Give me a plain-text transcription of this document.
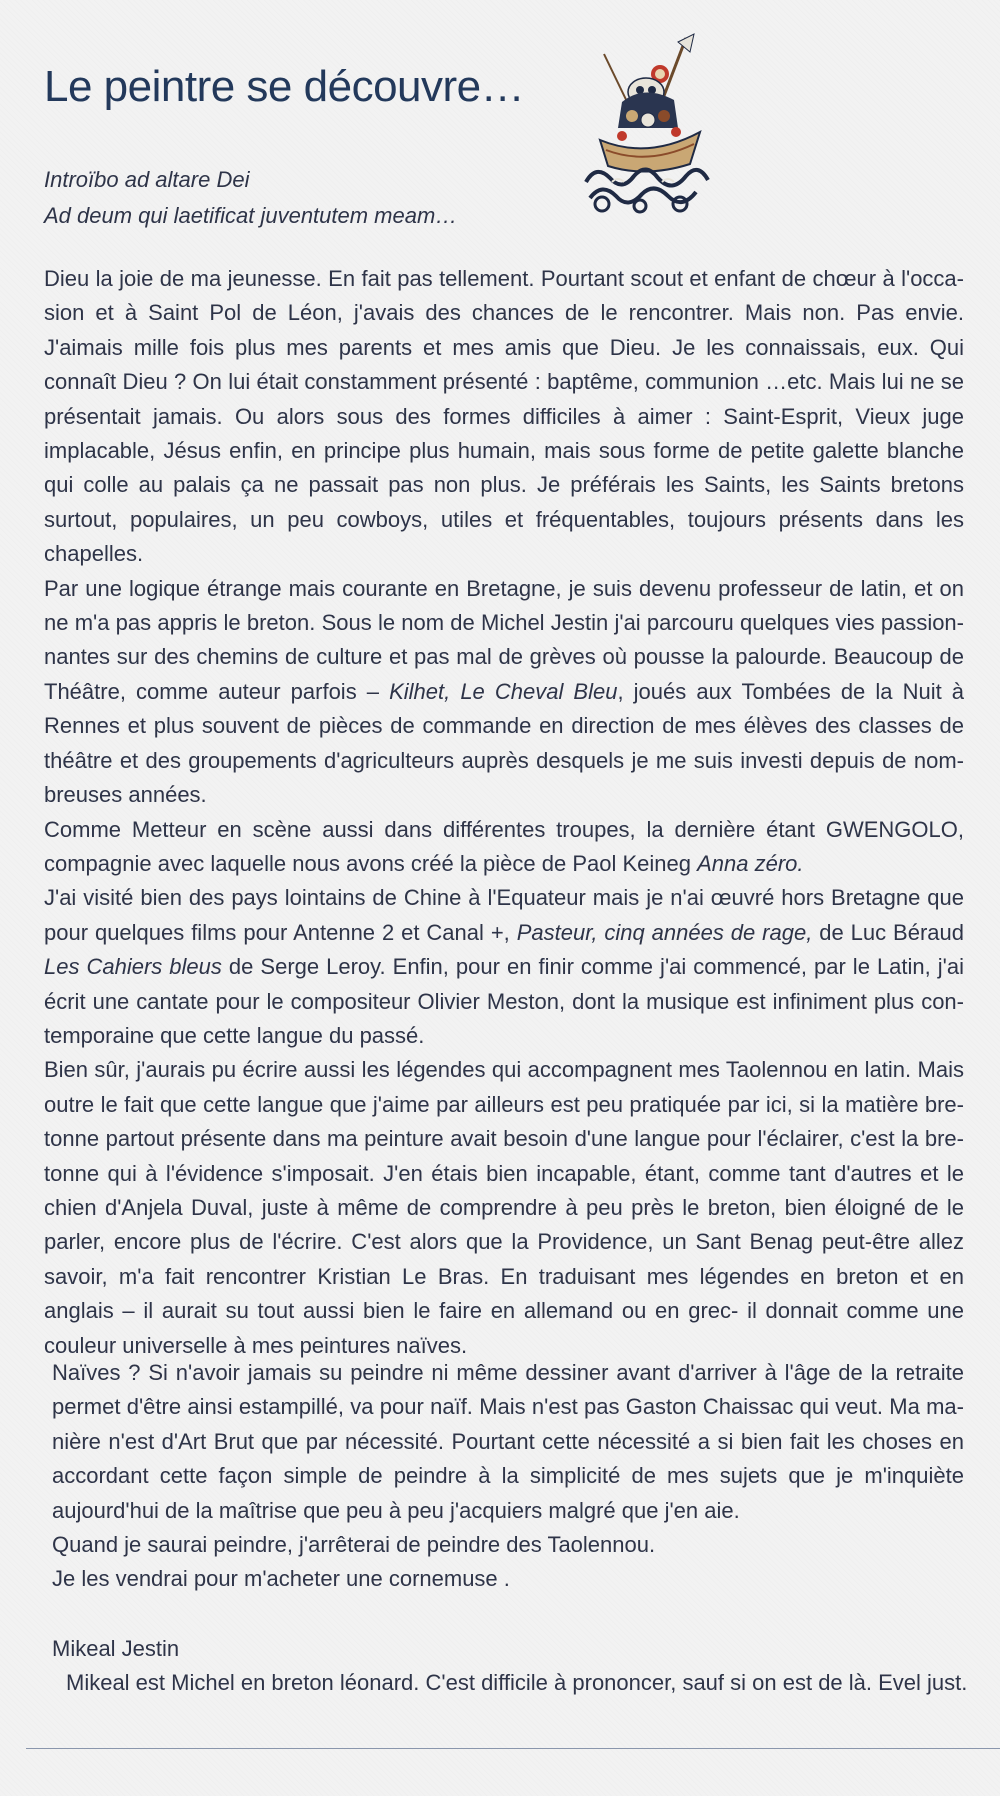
Le peintre se découvre…
Introïbo ad altare Dei
Ad deum qui laetificat juventutem meam…

Dieu la joie de ma jeunesse. En fait pas tellement. Pourtant scout et enfant de chœur à l'occasion et à Saint Pol de Léon, j'avais des chances de le rencontrer. Mais non. Pas envie. J'aimais mille fois plus mes parents et mes amis que Dieu. Je les connaissais, eux. Qui connaît Dieu ? On lui était constamment présenté : baptême, communion …etc. Mais lui ne se présentait jamais. Ou alors sous des formes difficiles à aimer : Saint-Esprit, Vieux juge implacable, Jésus enfin, en principe plus humain, mais sous forme de petite galette blanche qui colle au palais ça ne passait pas non plus. Je préférais les Saints, les Saints bretons surtout, populaires, un peu cowboys, utiles et fréquentables, toujours présents dans les chapelles.

Par une logique étrange mais courante en Bretagne, je suis devenu professeur de latin, et on ne m'a pas appris le breton. Sous le nom de Michel Jestin j'ai parcouru quelques vies passionnantes sur des chemins de culture et pas mal de grèves où pousse la palourde. Beaucoup de Théâtre, comme auteur parfois – Kilhet, Le Cheval Bleu, joués aux Tombées de la Nuit à Rennes et plus souvent de pièces de commande en direction de mes élèves des classes de théâtre et des groupements d'agriculteurs auprès desquels je me suis investi depuis de nombreuses années.

Comme Metteur en scène aussi dans différentes troupes, la dernière étant GWENGOLO, compagnie avec laquelle nous avons créé la pièce de Paol Keineg Anna zéro.

J'ai visité bien des pays lointains de Chine à l'Equateur mais je n'ai œuvré hors Bretagne que pour quelques films pour Antenne 2 et Canal +, Pasteur, cinq années de rage, de Luc Béraud Les Cahiers bleus de Serge Leroy. Enfin, pour en finir comme j'ai commencé, par le Latin, j'ai écrit une cantate pour le compositeur Olivier Meston, dont la musique est infiniment plus contemporaine que cette langue du passé.

Bien sûr, j'aurais pu écrire aussi les légendes qui accompagnent mes Taolennou en latin. Mais outre le fait que cette langue que j'aime par ailleurs est peu pratiquée par ici, si la matière bretonne partout présente dans ma peinture avait besoin d'une langue pour l'éclairer, c'est la bretonne qui à l'évidence s'imposait. J'en étais bien incapable, étant, comme tant d'autres et le chien d'Anjela Duval, juste à même de comprendre à peu près le breton, bien éloigné de le parler, encore plus de l'écrire. C'est alors que la Providence, un Sant Benag peut-être allez savoir, m'a fait rencontrer Kristian Le Bras. En traduisant mes légendes en breton et en anglais – il aurait su tout aussi bien le faire en allemand ou en grec- il donnait comme une couleur universelle à mes peintures naïves.

Naïves ? Si n'avoir jamais su peindre ni même dessiner avant d'arriver à l'âge de la retraite permet d'être ainsi estampillé, va pour naïf. Mais n'est pas Gaston Chaissac qui veut. Ma manière n'est d'Art Brut que par nécessité. Pourtant cette nécessité a si bien fait les choses en accordant cette façon simple de peindre à la simplicité de mes sujets que je m'inquiète aujourd'hui de la maîtrise que peu à peu j'acquiers malgré que j'en aie.

Quand je saurai peindre, j'arrêterai de peindre des Taolennou.

Je les vendrai pour m'acheter une cornemuse .

Mikeal Jestin
Mikeal est Michel en breton léonard. C'est difficile à prononcer, sauf si on est de là. Evel just.
